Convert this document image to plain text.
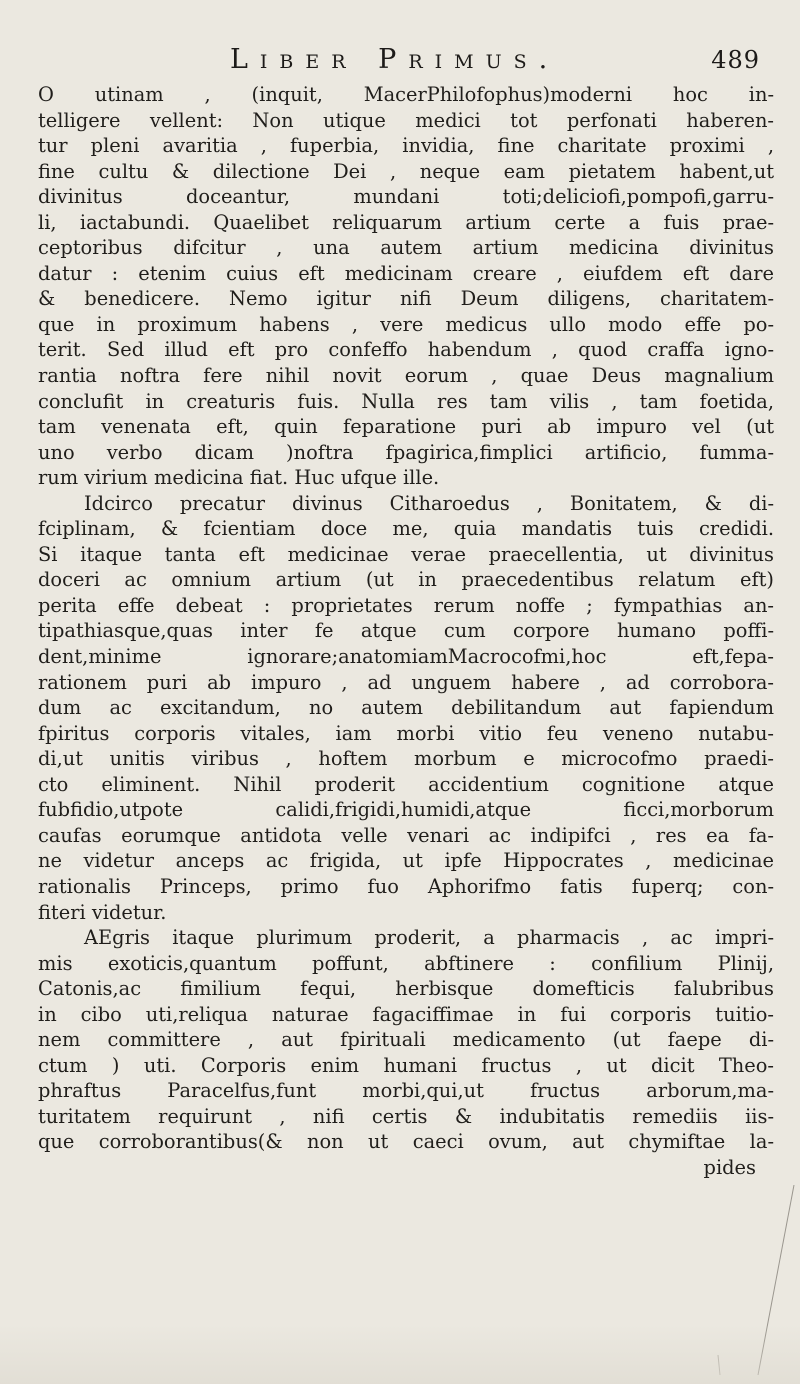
Liber Primus.	489
O utinam , (inquit, MacerPhilofophus)moderni hoc in-
telligere vellent: Non utique medici tot perfonati haberen-
tur pleni avaritia , fuperbia, invidia, fine charitate proximi ,
fine cultu & dilectione Dei , neque eam pietatem habent,ut
divinitus doceantur, mundani toti;deliciofi,pompofi,garru-
li, iactabundi. Quaelibet reliquarum artium certe a fuis prae-
ceptoribus difcitur , una autem artium medicina divinitus
datur : etenim cuius eft medicinam creare , eiufdem eft dare
& benedicere. Nemo igitur nifi Deum diligens, charitatem-
que in proximum habens , vere medicus ullo modo effe po-
terit. Sed illud eft pro confeffo habendum , quod craffa igno-
rantia noftra fere nihil novit eorum , quae Deus magnalium
conclufit in creaturis fuis. Nulla res tam vilis , tam foetida,
tam venenata eft, quin feparatione puri ab impuro vel (ut
uno verbo dicam )noftra fpagirica,fimplici artificio, fumma-
rum virium medicina fiat. Huc ufque ille.
Idcirco precatur divinus Citharoedus , Bonitatem, & di-
fciplinam, & fcientiam doce me, quia mandatis tuis credidi.
Si itaque tanta eft medicinae verae praecellentia, ut divinitus
doceri ac omnium artium (ut in praecedentibus relatum eft)
perita effe debeat : proprietates rerum noffe ; fympathias an-
tipathiasque,quas inter fe atque cum corpore humano poffi-
dent,minime ignorare;anatomiamMacrocofmi,hoc eft,fepa-
rationem puri ab impuro , ad unguem habere , ad corrobora-
dum ac excitandum, no autem debilitandum aut fapiendum
fpiritus corporis vitales, iam morbi vitio feu veneno nutabu-
di,ut unitis viribus , hoftem morbum e microcofmo praedi-
cto eliminent. Nihil proderit accidentium cognitione atque
fubfidio,utpote calidi,frigidi,humidi,atque ficci,morborum
caufas eorumque antidota velle venari ac indipifci , res ea fa-
ne videtur anceps ac frigida, ut ipfe Hippocrates , medicinae
rationalis Princeps, primo fuo Aphorifmo fatis fuperq; con-
fiteri videtur.
AEgris itaque plurimum proderit, a pharmacis , ac impri-
mis exoticis,quantum poffunt, abftinere : confilium Plinij,
Catonis,ac fimilium fequi, herbisque domefticis falubribus
in cibo uti,reliqua naturae fagaciffimae in fui corporis tuitio-
nem committere , aut fpirituali medicamento (ut faepe di-
ctum ) uti. Corporis enim humani fructus , ut dicit Theo-
phraftus Paracelfus,funt morbi,qui,ut fructus arborum,ma-
turitatem requirunt , nifi certis & indubitatis remediis iis-
que corroborantibus(& non ut caeci ovum, aut chymiftae la-
pides
